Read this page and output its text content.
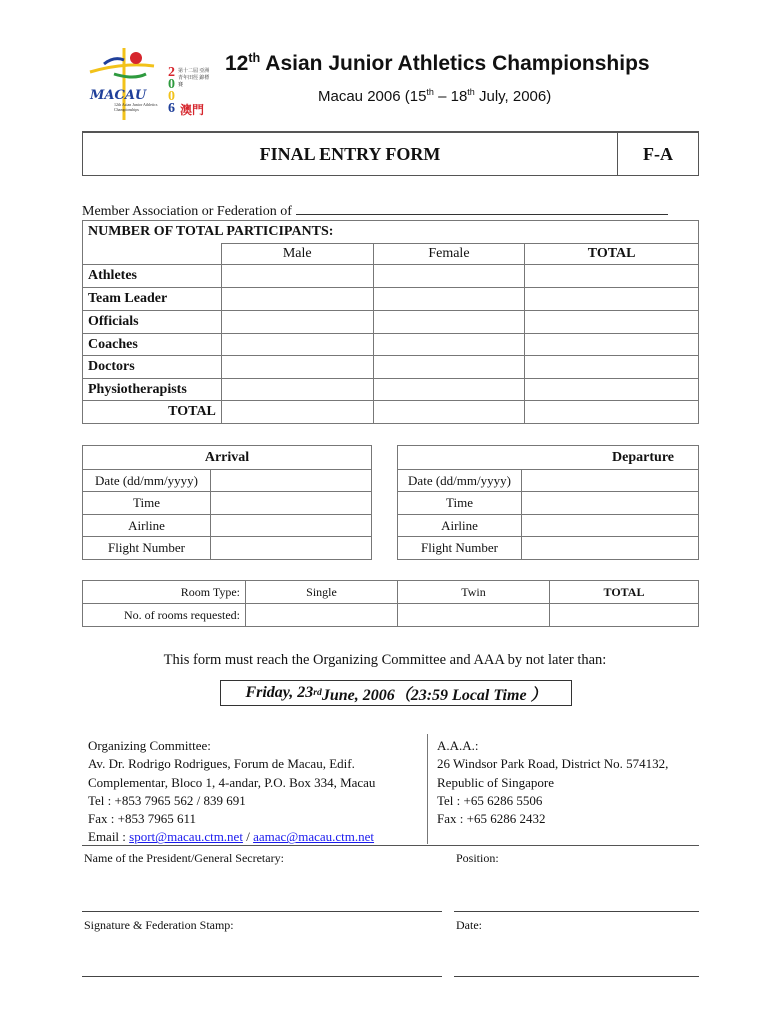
MACAU
2
0
0
6
第十二屆 亞洲青年田徑 錦標賽
澳門
12th Asian Junior Athletics Championships
12th Asian Junior Athletics Championships
Macau 2006 (15th – 18th July, 2006)
FINAL ENTRY FORM	F-A
Member Association or Federation of
NUMBER OF TOTAL PARTICIPANTS:			
	Male	Female	TOTAL
Athletes			
Team Leader			
Officials			
Coaches			
Doctors			
Physiotherapists			
TOTAL			
Arrival	
Date (dd/mm/yyyy)	
Time	
Airline	
Flight Number	
Departure	
Date (dd/mm/yyyy)	
Time	
Airline	
Flight Number	
Room Type:	Single	Twin	TOTAL
No. of rooms requested:			
This form must reach the Organizing Committee and AAA by not later than:
Friday, 23 rd June, 2006（23:59 Local Time ）
Organizing Committee:
Av. Dr. Rodrigo Rodrigues, Forum de Macau, Edif.
Complementar, Bloco 1, 4-andar, P.O. Box 334, Macau
Tel : +853 7965 562 / 839 691
Fax : +853 7965 611
Email : sport@macau.ctm.net / aamac@macau.ctm.net
A.A.A.:
26 Windsor Park Road, District No. 574132,
Republic of Singapore
Tel : +65 6286 5506
Fax : +65 6286 2432
Name of the President/General Secretary:	Position:
Signature & Federation Stamp:	Date:
